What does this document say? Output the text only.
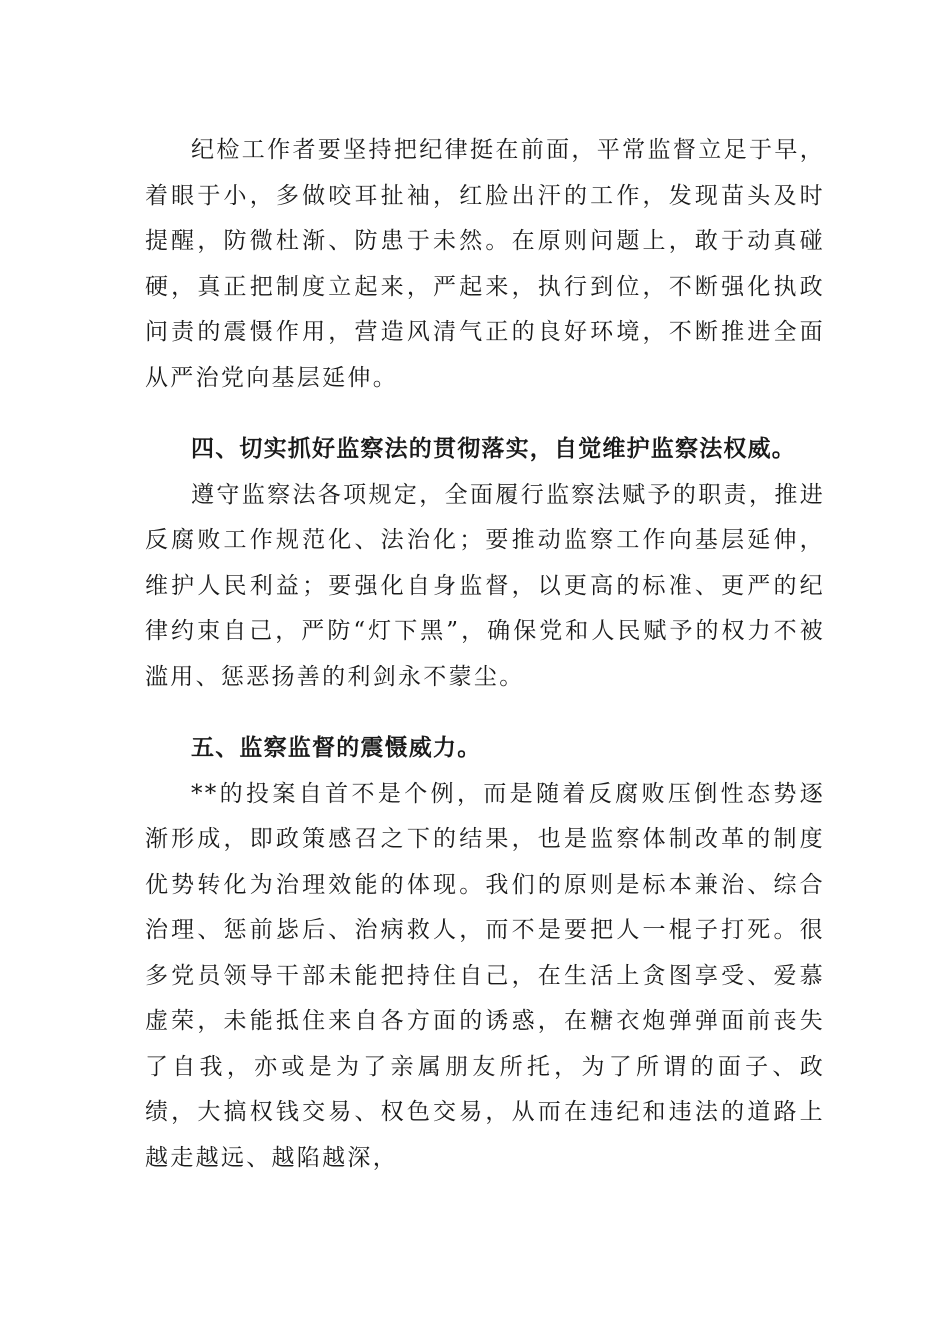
纪检工作者要坚持把纪律挺在前面，平常监督立足于早，着眼于小，多做咬耳扯袖，红脸出汗的工作，发现苗头及时提醒，防微杜渐、防患于未然。在原则问题上，敢于动真碰硬，真正把制度立起来，严起来，执行到位，不断强化执政问责的震慑作用，营造风清气正的良好环境，不断推进全面从严治党向基层延伸。

四、切实抓好监察法的贯彻落实，自觉维护监察法权威。

遵守监察法各项规定，全面履行监察法赋予的职责，推进反腐败工作规范化、法治化；要推动监察工作向基层延伸，维护人民利益；要强化自身监督，以更高的标准、更严的纪律约束自己，严防“灯下黑”，确保党和人民赋予的权力不被滥用、惩恶扬善的利剑永不蒙尘。

五、监察监督的震慑威力。

**的投案自首不是个例，而是随着反腐败压倒性态势逐渐形成，即政策感召之下的结果，也是监察体制改革的制度优势转化为治理效能的体现。我们的原则是标本兼治、综合治理、惩前毖后、治病救人，而不是要把人一棍子打死。很多党员领导干部未能把持住自己，在生活上贪图享受、爱慕虚荣，未能抵住来自各方面的诱惑，在糖衣炮弹弹面前丧失了自我，亦或是为了亲属朋友所托，为了所谓的面子、政绩，大搞权钱交易、权色交易，从而在违纪和违法的道路上越走越远、越陷越深，
